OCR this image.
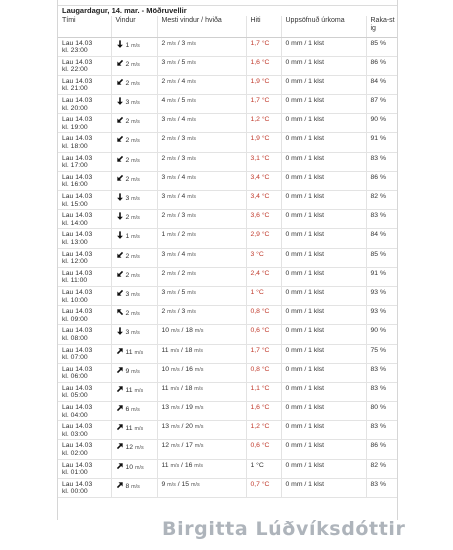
Laugardagur, 14. mar. - Möðruvellir
Tími	Vindur	Mesti vindur / hviða	Hiti	Uppsöfnuð úrkoma	Raka-stig

Lau 14.03
kl. 23:00	1 m/s	2 m/s / 3 m/s	1,7 °C	0 mm / 1 klst	85 %

Lau 14.03
kl. 22:00	2 m/s	3 m/s / 5 m/s	1,6 °C	0 mm / 1 klst	86 %

Lau 14.03
kl. 21:00	2 m/s	2 m/s / 4 m/s	1,9 °C	0 mm / 1 klst	84 %

Lau 14.03
kl. 20:00	3 m/s	4 m/s / 5 m/s	1,7 °C	0 mm / 1 klst	87 %

Lau 14.03
kl. 19:00	2 m/s	3 m/s / 4 m/s	1,2 °C	0 mm / 1 klst	90 %

Lau 14.03
kl. 18:00	2 m/s	2 m/s / 3 m/s	1,9 °C	0 mm / 1 klst	91 %

Lau 14.03
kl. 17:00	2 m/s	2 m/s / 3 m/s	3,1 °C	0 mm / 1 klst	83 %

Lau 14.03
kl. 16:00	2 m/s	3 m/s / 4 m/s	3,4 °C	0 mm / 1 klst	86 %

Lau 14.03
kl. 15:00	3 m/s	3 m/s / 4 m/s	3,4 °C	0 mm / 1 klst	82 %

Lau 14.03
kl. 14:00	2 m/s	2 m/s / 3 m/s	3,6 °C	0 mm / 1 klst	83 %

Lau 14.03
kl. 13:00	1 m/s	1 m/s / 2 m/s	2,9 °C	0 mm / 1 klst	84 %

Lau 14.03
kl. 12:00	2 m/s	3 m/s / 4 m/s	3 °C	0 mm / 1 klst	85 %

Lau 14.03
kl. 11:00	2 m/s	2 m/s / 2 m/s	2,4 °C	0 mm / 1 klst	91 %

Lau 14.03
kl. 10:00	3 m/s	3 m/s / 5 m/s	1 °C	0 mm / 1 klst	93 %

Lau 14.03
kl. 09:00	2 m/s	2 m/s / 3 m/s	0,8 °C	0 mm / 1 klst	93 %

Lau 14.03
kl. 08:00	3 m/s	10 m/s / 18 m/s	0,6 °C	0 mm / 1 klst	90 %

Lau 14.03
kl. 07:00	11 m/s	11 m/s / 18 m/s	1,7 °C	0 mm / 1 klst	75 %

Lau 14.03
kl. 06:00	9 m/s	10 m/s / 16 m/s	0,8 °C	0 mm / 1 klst	83 %

Lau 14.03
kl. 05:00	11 m/s	11 m/s / 18 m/s	1,1 °C	0 mm / 1 klst	83 %

Lau 14.03
kl. 04:00	6 m/s	13 m/s / 19 m/s	1,6 °C	0 mm / 1 klst	80 %

Lau 14.03
kl. 03:00	11 m/s	13 m/s / 20 m/s	1,2 °C	0 mm / 1 klst	83 %

Lau 14.03
kl. 02:00	12 m/s	12 m/s / 17 m/s	0,6 °C	0 mm / 1 klst	86 %

Lau 14.03
kl. 01:00	10 m/s	11 m/s / 16 m/s	1 °C	0 mm / 1 klst	82 %

Lau 14.03
kl. 00:00	8 m/s	9 m/s / 15 m/s	0,7 °C	0 mm / 1 klst	83 %
Birgitta Lúðvíksdóttir
